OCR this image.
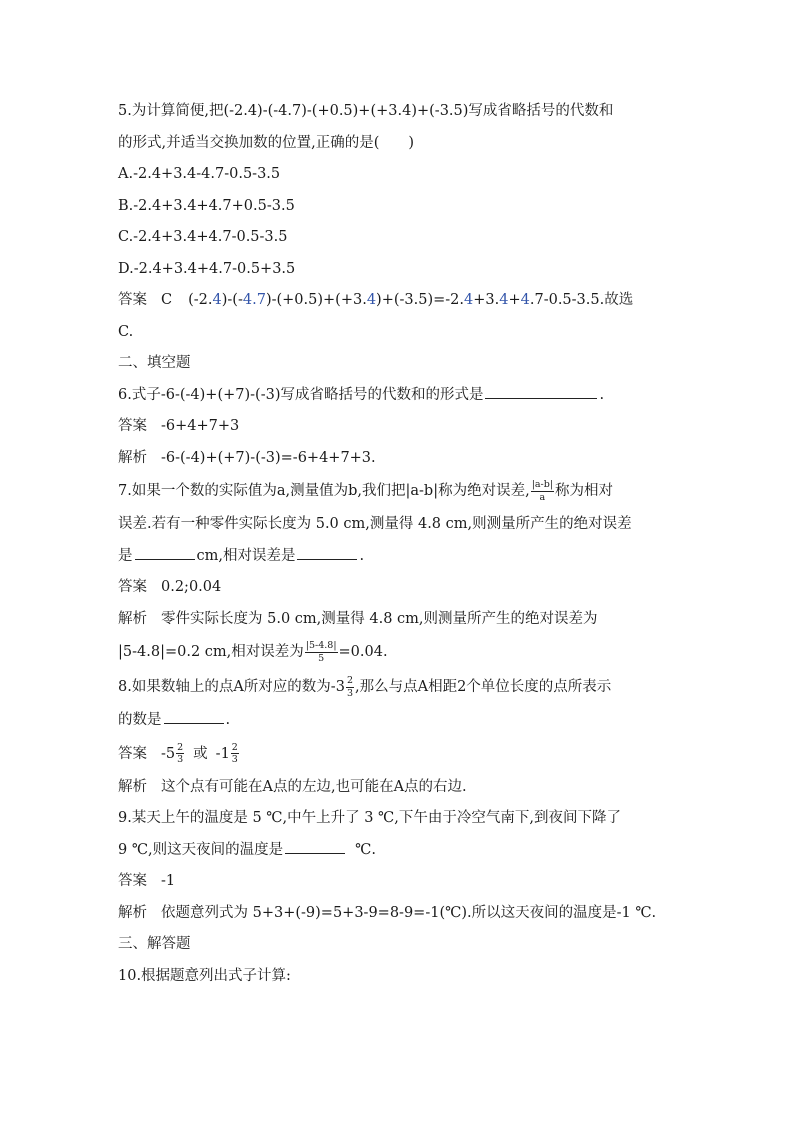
5.为计算简便,把(-2.4)-(-4.7)-(+0.5)+(+3.4)+(-3.5)写成省略括号的代数和
的形式,并适当交换加数的位置,正确的是(　　)
A.-2.4+3.4-4.7-0.5-3.5
B.-2.4+3.4+4.7+0.5-3.5
C.-2.4+3.4+4.7-0.5-3.5
D.-2.4+3.4+4.7-0.5+3.5
答案 C (-2.4)-(-4.7)-(+0.5)+(+3.4)+(-3.5)=-2.4+3.4+4.7-0.5-3.5.故选
C.
二、填空题
6.式子-6-(-4)+(+7)-(-3)写成省略括号的代数和的形式是	.
答案 -6+4+7+3
解析 -6-(-4)+(+7)-(-3)=-6+4+7+3.
7.如果一个数的实际值为a,测量值为b,我们把|a-b|称为绝对误差, $\frac{|a-b|}{a}$ 称为相对
误差.若有一种零件实际长度为 5.0 cm,测量得 4.8 cm,则测量所产生的绝对误差
是	cm,相对误差是	.
答案 0.2;0.04
解析 零件实际长度为 5.0 cm,测量得 4.8 cm,则测量所产生的绝对误差为
|5-4.8|=0.2 cm,相对误差为 $\frac{|5-4.8|}{5} =0.04$.
8.如果数轴上的点A所对应的数为$-3 \frac{2}{3}$ ,那么与点A相距2个单位长度的点所表示
的数是	.
答案 $-5 \frac{2}{3}$ 或 $-1 \frac{2}{3}$
解析 这个点有可能在A点的左边,也可能在A点的右边.
9.某天上午的温度是 5 ℃,中午上升了 3 ℃,下午由于冷空气南下,到夜间下降了
9 ℃,则这天夜间的温度是	℃.
答案 -1
解析 依题意列式为 5+3+(-9)=5+3-9=8-9=-1(℃).所以这天夜间的温度是-1 ℃.
三、解答题
10.根据题意列出式子计算:
